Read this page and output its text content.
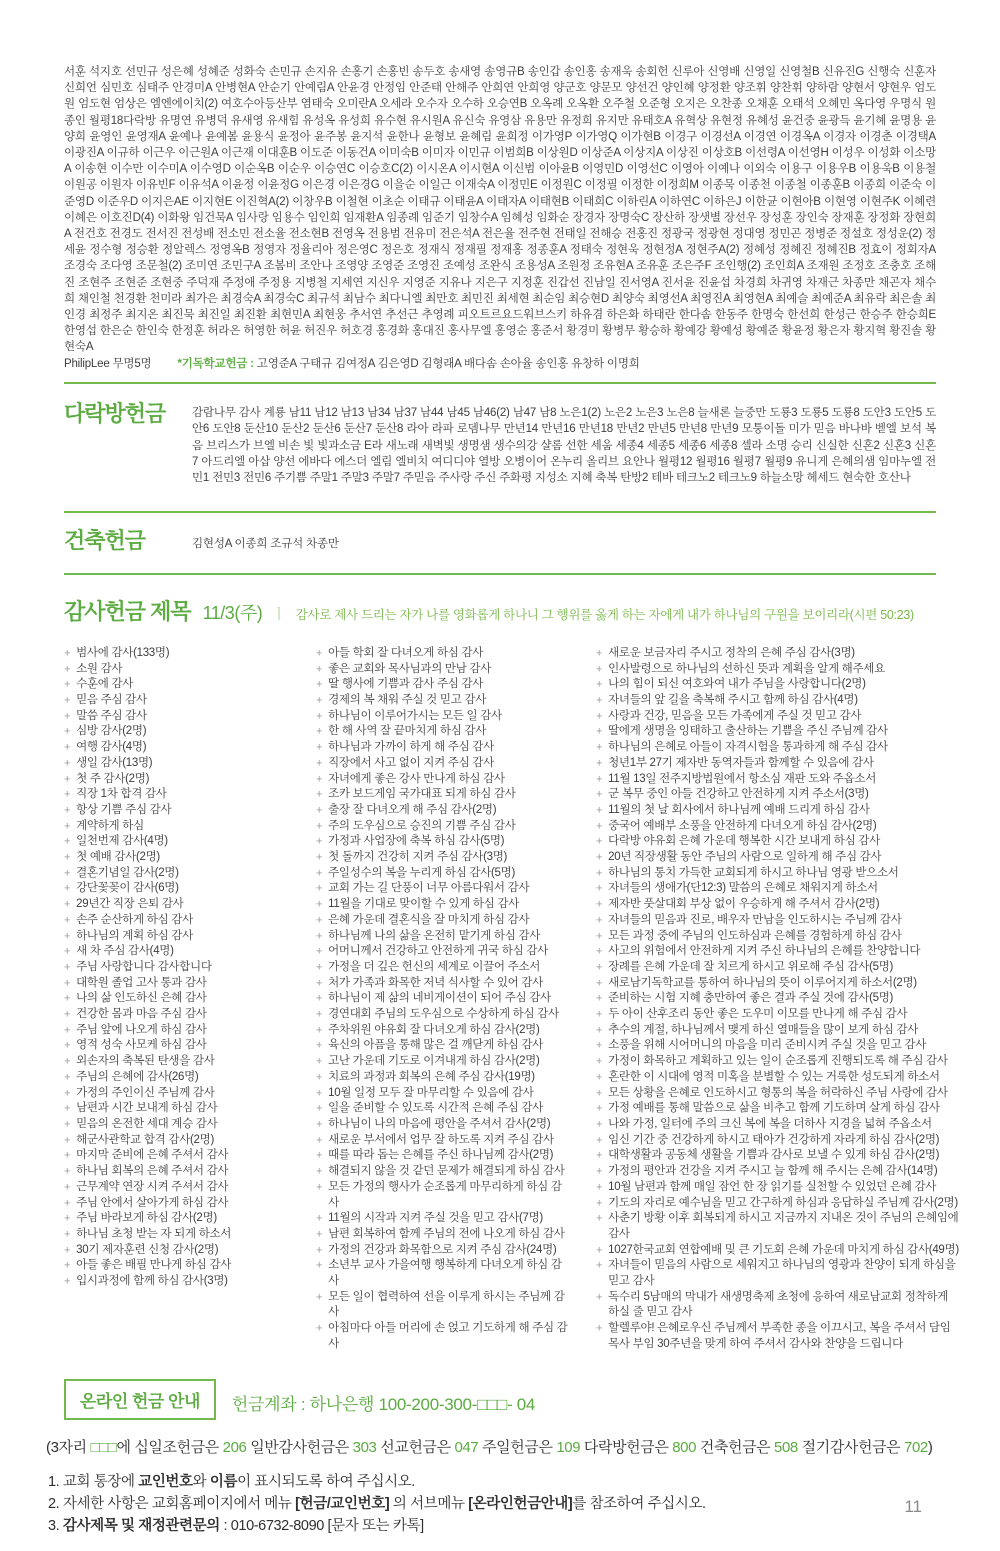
서훈 석지호 선민규 성은혜 성혜준 성화숙 손민규 손지유 손홍기 손홍빈 송두호 송새영 송영규B 송인갑 송인홍 송재욱 송회헌 신루아 신영배 신영일 신영철B 신유진G 신행숙 신훈자 신희언 심민호 심태주 안경미A 안병현A 안순기 안예림A 안윤경 안정임 안준태 안해주 안희연 안희영 양군호 양문모 양선건 양인혜 양정환 양조휘 양찬휘 양하람 양현서 양현우 엄도원 엄도현 엄상은 엠엔에이치(2) 여호수아등산부 염태숙 오미란A 오세라 오수자 오수하 오승연B 오옥례 오옥환 오주철 오준형 오지은 오찬종 오채훈 오태석 오혜민 옥다영 우명식 원종인 월평18다락방 유명연 유병덕 유새영 유새힘 유성옥 유성희 유수현 유시원A 유신숙 유영삼 유용만 유정희 유지만 유태호A 유혁상 유현정 유혜성 윤건중 윤광득 윤기혜 윤명용 윤양희 윤영인 윤영재A 윤예나 윤예봄 윤용식 윤정아 윤주봉 윤지석 윤한나 윤형보 윤혜림 윤희정 이가영P 이가영Q 이가현B 이경구 이경선A 이경연 이경옥A 이경자 이경춘 이경택A 이광진A 이규하 이근우 이근원A 이근재 이대훈B 이도준 이동건A 이미숙B 이미자 이민규 이범희B 이상원D 이상준A 이상지A 이상진 이상호B 이선령A 이선영H 이성우 이성화 이소망A 이송현 이수만 이수미A 이수영D 이순옥B 이순우 이승연C 이승호C(2) 이시온A 이시현A 이신범 이아윤B 이영민D 이영선C 이영아 이예나 이외숙 이용구 이용우B 이용욱B 이용철 이원공 이원자 이유빈F 이유석A 이윤정 이윤정G 이은경 이은경G 이을순 이일근 이재숙A 이정민E 이정원C 이정필 이정한 이정희M 이종묵 이종천 이종철 이종훈B 이종희 이준숙 이준영D 이준우D 이지은AE 이지현E 이진혁A(2) 이창우B 이철현 이초순 이태규 이태윤A 이태자A 이태현B 이태희C 이하린A 이하연C 이하은J 이한균 이현아B 이현영 이현주K 이혜련 이혜은 이호진D(4) 이화왕 임건묵A 임사랑 임용수 임인희 임재환A 임종례 임준기 임창수A 임혜성 임화순 장경자 장명숙C 장산하 장샛별 장선우 장성훈 장인숙 장재훈 장정화 장현희A 전건호 전경도 전서진 전성배 전소민 전소율 전소현B 전영옥 전용범 전유미 전은석A 전은율 전주현 전태일 전해승 전홍진 정광국 정광현 정대영 정민곤 정병준 정설호 정성운(2) 정세윤 정수형 정승환 정알렉스 정영옥B 정영자 정율리아 정은영C 정은호 정재식 정재필 정재홍 정종훈A 정태숙 정현욱 정현정A 정현주A(2) 정혜성 정혜진 정혜진B 정효이 정회자A 조경숙 조다영 조문철(2) 조미연 조민구A 조봄비 조안나 조영양 조영준 조영진 조예성 조완식 조용성A 조원정 조유현A 조유훈 조은주F 조인행(2) 조인희A 조재원 조정호 조충호 조해진 조현주 조현준 조현중 주덕재 주정애 주정용 지병철 지세연 지신우 지영준 지유나 지은구 지정훈 진갑선 진남일 진서영A 진서윤 진윤섭 차경희 차귀영 차재근 차종만 채곤자 채수희 채인철 천경환 천미라 최가은 최경숙A 최경숙C 최규석 최남수 최다니엘 최만호 최민진 최세현 최순임 최승현D 최양숙 최영선A 최영진A 최영현A 최예슬 최예준A 최유락 최은솔 최인경 최정주 최지온 최진묵 최진일 최진환 최현민A 최현웅 추서연 추선근 추영례 피오트르요드워브스키 하유겸 하은화 하태란 한다솜 한동주 한명숙 한선희 한성근 한승주 한승희E 한영섭 한은순 한인숙 한정훈 허라온 허영한 허윤 허진우 허호경 홍경화 홍대진 홍사무엘 홍영순 홍준서 황경미 황병무 황승하 황예강 황예성 황예준 황윤정 황은자 황지혁 황진솔 황현숙A
PhilipLee 무명5명 *기독학교헌금 : 고영준A 구태규 김여정A 김은영D 김형래A 배다솜 손아율 송인홍 유창하 이명희
다락방헌금	감람나무 감사 계룡 남11 남12 남13 남34 남37 남44 남45 남46(2) 남47 남8 노은1(2) 노은2 노은3 노은8 늘새론 늘중만 도룡3 도룡5 도룡8 도안3 도안5 도안6 도안8 둔산10 둔산2 둔산6 둔산7 둔산8 라아 라파 로뎀나무 만년14 만년16 만년18 만년2 만년5 만년8 만년9 모퉁이돌 미가 믿음 바나바 벧엘 보석 복음 브리스가 브엘 비손 빛 빛과소금 E라 새노래 새벽빛 생명샘 생수의강 샬롬 선한 세움 세종4 세종5 세종6 세종8 셀라 소명 승리 신실한 신혼2 신혼3 신혼7 아드리엘 아삽 양선 에바다 에스더 엘림 엘비치 여디디야 열방 오병이어 온누리 올리브 요안나 월평12 월평16 월평7 월평9 유니게 은혜의샘 임마누엘 전민1 전민3 전민6 주기쁨 주말1 주말3 주말7 주믿음 주사랑 주신 주화평 지성소 지혜 축복 탄방2 테바 테크노2 테크노9 하늘소망 헤세드 현숙한 호산나
건축헌금	김현성A 이종희 조규석 차종만
감사헌금 제목 11/3(주) ㅣ 감사로 제사 드리는 자가 나를 영화롭게 하나니 그 행위를 옳게 하는 자에게 내가 하나님의 구원을 보이리라(시편 50:23)
+ 범사에 감사(133명)
+ 소원 감사
+ 수훈에 감사
+ 믿음 주심 감사
+ 말씀 주심 감사
+ 심방 감사(2명)
+ 여행 감사(4명)
+ 생일 감사(13명)
+ 첫 주 감사(2명)
+ 직장 1차 합격 감사
+ 항상 기쁨 주심 감사
+ 계약하게 하심
+ 일천번제 감사(4명)
+ 첫 예배 감사(2명)
+ 결혼기념일 감사(2명)
+ 강단꽃꽂이 감사(6명)
+ 29년간 직장 은퇴 감사
+ 손주 순산하게 하심 감사
+ 하나님의 계획 하심 감사
+ 새 차 주심 감사(4명)
+ 주님 사랑합니다 감사합니다
+ 대학원 졸업 고사 통과 감사
+ 나의 삶 인도하신 은혜 감사
+ 건강한 몸과 마음 주심 감사
+ 주님 앞에 나오게 하심 감사
+ 영적 성숙 사모케 하심 감사
+ 외손자의 축복된 탄생을 감사
+ 주님의 은혜에 감사(26명)
+ 가정의 주인이신 주님께 감사
+ 남편과 시간 보내게 하심 감사
+ 믿음의 온전한 세대 계승 감사
+ 해군사관학교 합격 감사(2명)
+ 마지막 준비에 은혜 주셔서 감사
+ 하나님 회복의 은혜 주셔서 감사
+ 근무계약 연장 시켜 주셔서 감사
+ 주님 안에서 살아가게 하심 감사
+ 주님 바라보게 하심 감사(2명)
+ 하나님 초청 받는 자 되게 하소서
+ 30기 제자훈련 신청 감사(2명)
+ 아들 좋은 배필 만나게 하심 감사
+ 입시과정에 함께 하심 감사(3명)
+ 아들 학회 잘 다녀오게 하심 감사
+ 좋은 교회와 목사님과의 만남 감사
+ 딸 행사에 기쁨과 감사 주심 감사
+ 경제의 복 채워 주실 것 믿고 감사
+ 하나님이 이루어가시는 모든 일 감사
+ 한 해 사역 잘 끝마치게 하심 감사
+ 하나님과 가까이 하게 해 주심 감사
+ 직장에서 사고 없이 지켜 주심 감사
+ 자녀에게 좋은 강사 만나게 하심 감사
+ 조카 보드게임 국가대표 되게 하심 감사
+ 출장 잘 다녀오게 해 주심 감사(2명)
+ 주의 도우심으로 승진의 기쁨 주심 감사
+ 가정과 사업장에 축복 하심 감사(5명)
+ 첫 돌까지 건강히 지켜 주심 감사(3명)
+ 주일성수의 복을 누리게 하심 감사(5명)
+ 교회 가는 길 단풍이 너무 아름다워서 감사
+ 11월을 기대로 맞이할 수 있게 하심 감사
+ 은혜 가운데 결혼식을 잘 마치게 하심 감사
+ 하나님께 나의 삶을 온전히 맡기게 하심 감사
+ 어머니께서 건강하고 안전하게 귀국 하심 감사
+ 가정을 더 깊은 헌신의 세계로 이끌어 주소서
+ 처가 가족과 화목한 저녁 식사할 수 있어 감사
+ 하나님이 제 삶의 네비게이션이 되어 주심 감사
+ 경연대회 주님의 도우심으로 수상하게 하심 감사
+ 주차위원 야유회 잘 다녀오게 하심 감사(2명)
+ 육신의 아픔을 통해 많은 걸 깨닫게 하심 감사
+ 고난 가운데 기도로 이겨내게 하심 감사(2명)
+ 치료의 과정과 회복의 은혜 주심 감사(19명)
+ 10월 일정 모두 잘 마무리할 수 있음에 감사
+ 일을 준비할 수 있도록 시간적 은혜 주심 감사
+ 하나님이 나의 마음에 평안을 주셔서 감사(2명)
+ 새로운 부서에서 업무 잘 하도록 지켜 주심 감사
+ 때를 따라 돕는 은혜를 주신 하나님께 감사(2명)
+ 해결되지 않을 것 같던 문제가 해결되게 하심 감사
+ 모든 가정의 행사가 순조롭게 마무리하게 하심 감사
+ 11월의 시작과 지켜 주실 것을 믿고 감사(7명)
+ 남편 회복하여 함께 주님의 전에 나오게 하심 감사
+ 가정의 건강과 화목함으로 지켜 주심 감사(24명)
+ 소년부 교사 가을여행 행복하게 다녀오게 하심 감사
+ 모든 일이 협력하여 선을 이루게 하시는 주님께 감사
+ 아침마다 아들 머리에 손 얹고 기도하게 해 주심 감사
+ 새로운 보금자리 주시고 정착의 은혜 주심 감사(3명)
+ 인사발령으로 하나님의 선하신 뜻과 계획을 알게 해주세요
+ 나의 힘이 되신 여호와여 내가 주님을 사랑합니다(2명)
+ 자녀들의 앞 길을 축복해 주시고 함께 하심 감사(4명)
+ 사랑과 건강, 믿음을 모든 가족에게 주실 것 믿고 감사
+ 딸에게 생명을 잉태하고 출산하는 기쁨을 주신 주님께 감사
+ 하나님의 은혜로 아들이 자격시험을 통과하게 해 주심 감사
+ 청년1부 27기 제자반 동역자들과 함께할 수 있음에 감사
+ 11월 13일 전주지방법원에서 항소심 재판 도와 주옵소서
+ 군 복무 중인 아들 건강하고 안전하게 지켜 주소서(3명)
+ 11월의 첫 날 회사에서 하나님께 예배 드리게 하심 감사
+ 중국어 예배부 소풍을 안전하게 다녀오게 하심 감사(2명)
+ 다락방 야유회 은혜 가운데 행복한 시간 보내게 하심 감사
+ 20년 직장생활 동안 주님의 사람으로 일하게 해 주심 감사
+ 하나님의 통치 가득한 교회되게 하시고 하나님 영광 받으소서
+ 자녀들의 생애가(단12:3) 말씀의 은혜로 채워지게 하소서
+ 제자반 풋살대회 부상 없이 우승하게 해 주셔서 감사(2명)
+ 자녀들의 믿음과 진로, 배우자 만남을 인도하시는 주님께 감사
+ 모든 과정 중에 주님의 인도하심과 은혜를 경험하게 하심 감사
+ 사고의 위험에서 안전하게 지켜 주신 하나님의 은혜를 찬양합니다
+ 장례를 은혜 가운데 잘 치르게 하시고 위로해 주심 감사(5명)
+ 새로남기독학교를 통하여 하나님의 뜻이 이루어지게 하소서(2명)
+ 준비하는 시험 지혜 충만하여 좋은 결과 주실 것에 감사(5명)
+ 두 아이 산후조리 동안 좋은 도우미 이모를 만나게 해 주심 감사
+ 추수의 계절, 하나님께서 맺게 하신 열매들을 많이 보게 하심 감사
+ 소풍을 위해 시어머니의 마음을 미리 준비시켜 주실 것을 믿고 감사
+ 가정이 화목하고 계획하고 있는 일이 순조롭게 진행되도록 해 주심 감사
+ 혼란한 이 시대에 영적 미혹을 분별할 수 있는 거룩한 성도되게 하소서
+ 모든 상황을 은혜로 인도하시고 형통의 복을 허락하신 주님 사랑에 감사
+ 가정 예배를 통해 말씀으로 삶을 비추고 함께 기도하며 살게 하심 감사
+ 나와 가정, 일터에 주의 크신 복에 복을 더하사 지경을 넓혀 주옵소서
+ 임신 기간 중 건강하게 하시고 태아가 건강하게 자라게 하심 감사(2명)
+ 대학생활과 공동체 생활을 기쁨과 감사로 보낼 수 있게 하심 감사(2명)
+ 가정의 평안과 건강을 지켜 주시고 늘 함께 해 주시는 은혜 감사(14명)
+ 10월 남편과 함께 매일 잠언 한 장 읽기를 실천할 수 있었던 은혜 감사
+ 기도의 자리로 예수님을 믿고 간구하게 하심과 응답하실 주님께 감사(2명)
+ 사춘기 방황 이후 회복되게 하시고 지금까지 지내온 것이 주님의 은혜임에 감사
+ 1027한국교회 연합예배 및 큰 기도회 은혜 가운데 마치게 하심 감사(49명)
+ 자녀들이 믿음의 사람으로 세워지고 하나님의 영광과 찬양이 되게 하심을 믿고 감사
+ 독수리 5남매의 막내가 새생명축제 초청에 응하여 새로남교회 정착하게 하실 줄 믿고 감사
+ 할렐루야! 은혜로우신 주님께서 부족한 종을 이끄시고, 복을 주셔서 담임목사 부임 30주년을 맞게 하여 주셔서 감사와 찬양을 드립니다
온라인 헌금 안내	헌금계좌 : 하나은행 100-200-300-□□□- 04
(3자리 □□□에 십일조헌금은 206 일반감사헌금은 303 선교헌금은 047 주일헌금은 109 다락방헌금은 800 건축헌금은 508 절기감사헌금은 702)
1. 교회 통장에 교인번호와 이름이 표시되도록 하여 주십시오.
2. 자세한 사항은 교회홈페이지에서 메뉴 [헌금/교인번호] 의 서브메뉴 [온라인헌금안내]를 참조하여 주십시오.
3. 감사제목 및 재정관련문의 : 010-6732-8090 [문자 또는 카톡]
11
